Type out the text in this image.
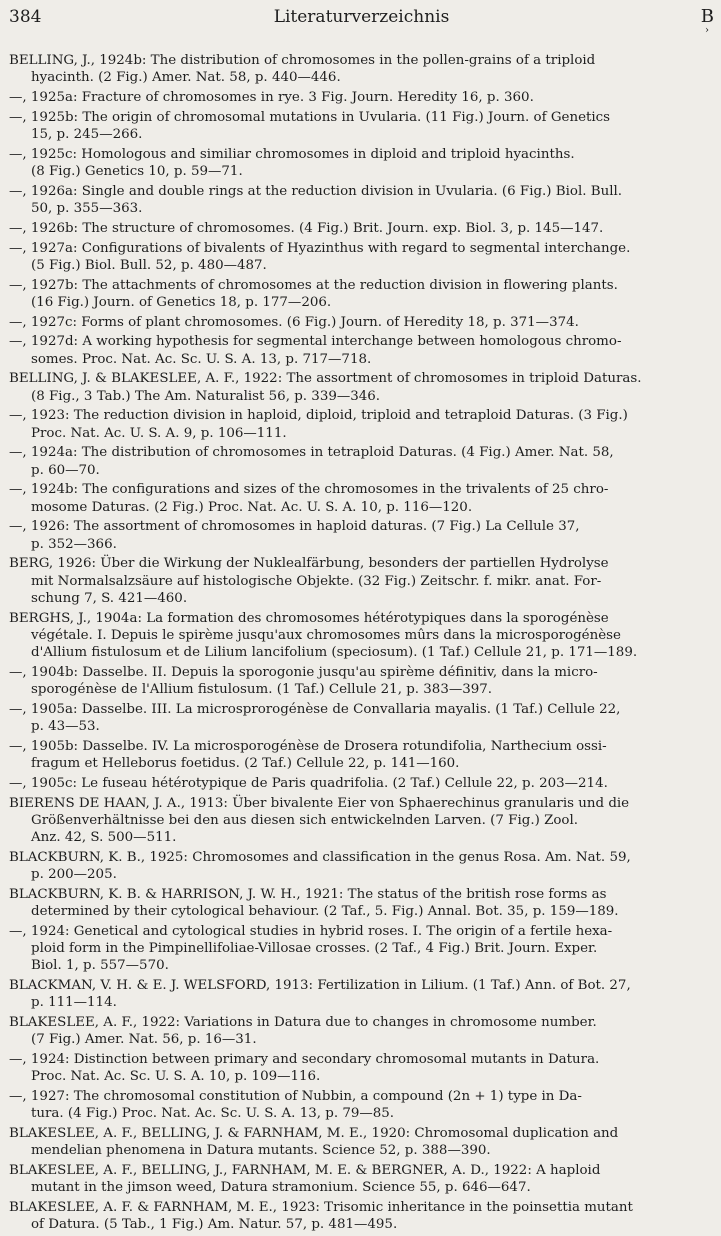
384	Literaturverzeichnis	B
›
BELLING, J., 1924b: The distribution of chromosomes in the pollen-grains of a triploid
hyacinth. (2 Fig.) Amer. Nat. 58, p. 440—446.
—, 1925a: Fracture of chromosomes in rye. 3 Fig. Journ. Heredity 16, p. 360.
—, 1925b: The origin of chromosomal mutations in Uvularia. (11 Fig.) Journ. of Genetics
15, p. 245—266.
—, 1925c: Homologous and similiar chromosomes in diploid and triploid hyacinths.
(8 Fig.) Genetics 10, p. 59—71.
—, 1926a: Single and double rings at the reduction division in Uvularia. (6 Fig.) Biol. Bull.
50, p. 355—363.
—, 1926b: The structure of chromosomes. (4 Fig.) Brit. Journ. exp. Biol. 3, p. 145—147.
—, 1927a: Configurations of bivalents of Hyazinthus with regard to segmental interchange.
(5 Fig.) Biol. Bull. 52, p. 480—487.
—, 1927b: The attachments of chromosomes at the reduction division in flowering plants.
(16 Fig.) Journ. of Genetics 18, p. 177—206.
—, 1927c: Forms of plant chromosomes. (6 Fig.) Journ. of Heredity 18, p. 371—374.
—, 1927d: A working hypothesis for segmental interchange between homologous chromo-
somes. Proc. Nat. Ac. Sc. U. S. A. 13, p. 717—718.
BELLING, J. & BLAKESLEE, A. F., 1922: The assortment of chromosomes in triploid Daturas.
(8 Fig., 3 Tab.) The Am. Naturalist 56, p. 339—346.
—, 1923: The reduction division in haploid, diploid, triploid and tetraploid Daturas. (3 Fig.)
Proc. Nat. Ac. U. S. A. 9, p. 106—111.
—, 1924a: The distribution of chromosomes in tetraploid Daturas. (4 Fig.) Amer. Nat. 58,
p. 60—70.
—, 1924b: The configurations and sizes of the chromosomes in the trivalents of 25 chro-
mosome Daturas. (2 Fig.) Proc. Nat. Ac. U. S. A. 10, p. 116—120.
—, 1926: The assortment of chromosomes in haploid daturas. (7 Fig.) La Cellule 37,
p. 352—366.
BERG, 1926: Über die Wirkung der Nuklealfärbung, besonders der partiellen Hydrolyse
mit Normalsalzsäure auf histologische Objekte. (32 Fig.) Zeitschr. f. mikr. anat. For-
schung 7, S. 421—460.
BERGHS, J., 1904a: La formation des chromosomes hétérotypiques dans la sporogénèse
végétale. I. Depuis le spirème jusqu'aux chromosomes mûrs dans la microsporogénèse
d'Allium fistulosum et de Lilium lancifolium (speciosum). (1 Taf.) Cellule 21, p. 171—189.
—, 1904b: Dasselbe. II. Depuis la sporogonie jusqu'au spirème définitiv, dans la micro-
sporogénèse de l'Allium fistulosum. (1 Taf.) Cellule 21, p. 383—397.
—, 1905a: Dasselbe. III. La microsprorogénèse de Convallaria mayalis. (1 Taf.) Cellule 22,
p. 43—53.
—, 1905b: Dasselbe. IV. La microsporogénèse de Drosera rotundifolia, Narthecium ossi-
fragum et Helleborus foetidus. (2 Taf.) Cellule 22, p. 141—160.
—, 1905c: Le fuseau hétérotypique de Paris quadrifolia. (2 Taf.) Cellule 22, p. 203—214.
BIERENS DE HAAN, J. A., 1913: Über bivalente Eier von Sphaerechinus granularis und die
Größenverhältnisse bei den aus diesen sich entwickelnden Larven. (7 Fig.) Zool.
Anz. 42, S. 500—511.
BLACKBURN, K. B., 1925: Chromosomes and classification in the genus Rosa. Am. Nat. 59,
p. 200—205.
BLACKBURN, K. B. & HARRISON, J. W. H., 1921: The status of the british rose forms as
determined by their cytological behaviour. (2 Taf., 5. Fig.) Annal. Bot. 35, p. 159—189.
—, 1924: Genetical and cytological studies in hybrid roses. I. The origin of a fertile hexa-
ploid form in the Pimpinellifoliae-Villosae crosses. (2 Taf., 4 Fig.) Brit. Journ. Exper.
Biol. 1, p. 557—570.
BLACKMAN, V. H. & E. J. WELSFORD, 1913: Fertilization in Lilium. (1 Taf.) Ann. of Bot. 27,
p. 111—114.
BLAKESLEE, A. F., 1922: Variations in Datura due to changes in chromosome number.
(7 Fig.) Amer. Nat. 56, p. 16—31.
—, 1924: Distinction between primary and secondary chromosomal mutants in Datura.
Proc. Nat. Ac. Sc. U. S. A. 10, p. 109—116.
—, 1927: The chromosomal constitution of Nubbin, a compound (2n + 1) type in Da-
tura. (4 Fig.) Proc. Nat. Ac. Sc. U. S. A. 13, p. 79—85.
BLAKESLEE, A. F., BELLING, J. & FARNHAM, M. E., 1920: Chromosomal duplication and
mendelian phenomena in Datura mutants. Science 52, p. 388—390.
BLAKESLEE, A. F., BELLING, J., FARNHAM, M. E. & BERGNER, A. D., 1922: A haploid
mutant in the jimson weed, Datura stramonium. Science 55, p. 646—647.
BLAKESLEE, A. F. & FARNHAM, M. E., 1923: Trisomic inheritance in the poinsettia mutant
of Datura. (5 Tab., 1 Fig.) Am. Natur. 57, p. 481—495.
